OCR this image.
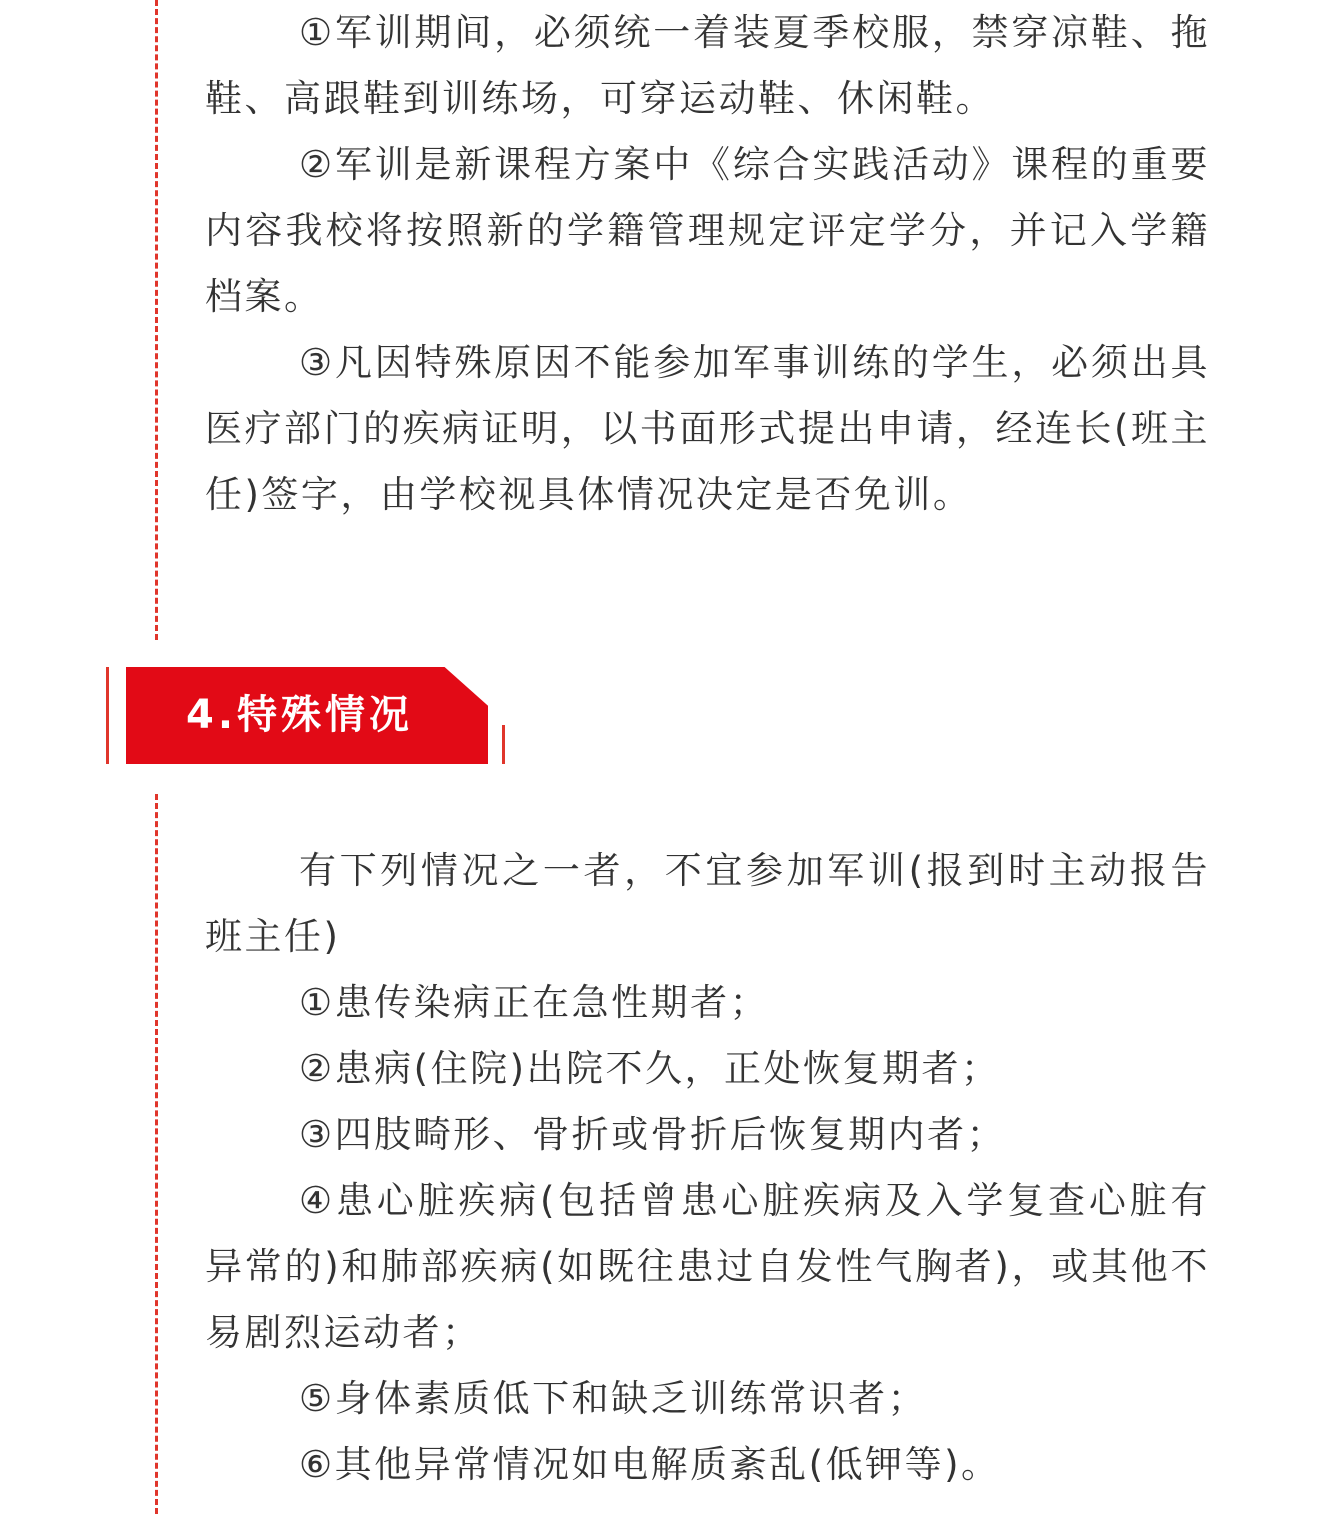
①军训期间，必须统一着装夏季校服，禁穿凉鞋、拖鞋、高跟鞋到训练场，可穿运动鞋、休闲鞋。

②军训是新课程方案中《综合实践活动》课程的重要内容我校将按照新的学籍管理规定评定学分，并记入学籍档案。

③凡因特殊原因不能参加军事训练的学生，必须出具医疗部门的疾病证明，以书面形式提出申请，经连长(班主任)签字，由学校视具体情况决定是否免训。

4.特殊情况

有下列情况之一者，不宜参加军训(报到时主动报告班主任)

①患传染病正在急性期者；

②患病(住院)出院不久，正处恢复期者；

③四肢畸形、骨折或骨折后恢复期内者；

④患心脏疾病(包括曾患心脏疾病及入学复查心脏有异常的)和肺部疾病(如既往患过自发性气胸者)，或其他不易剧烈运动者；

⑤身体素质低下和缺乏训练常识者；

⑥其他异常情况如电解质紊乱(低钾等)。
